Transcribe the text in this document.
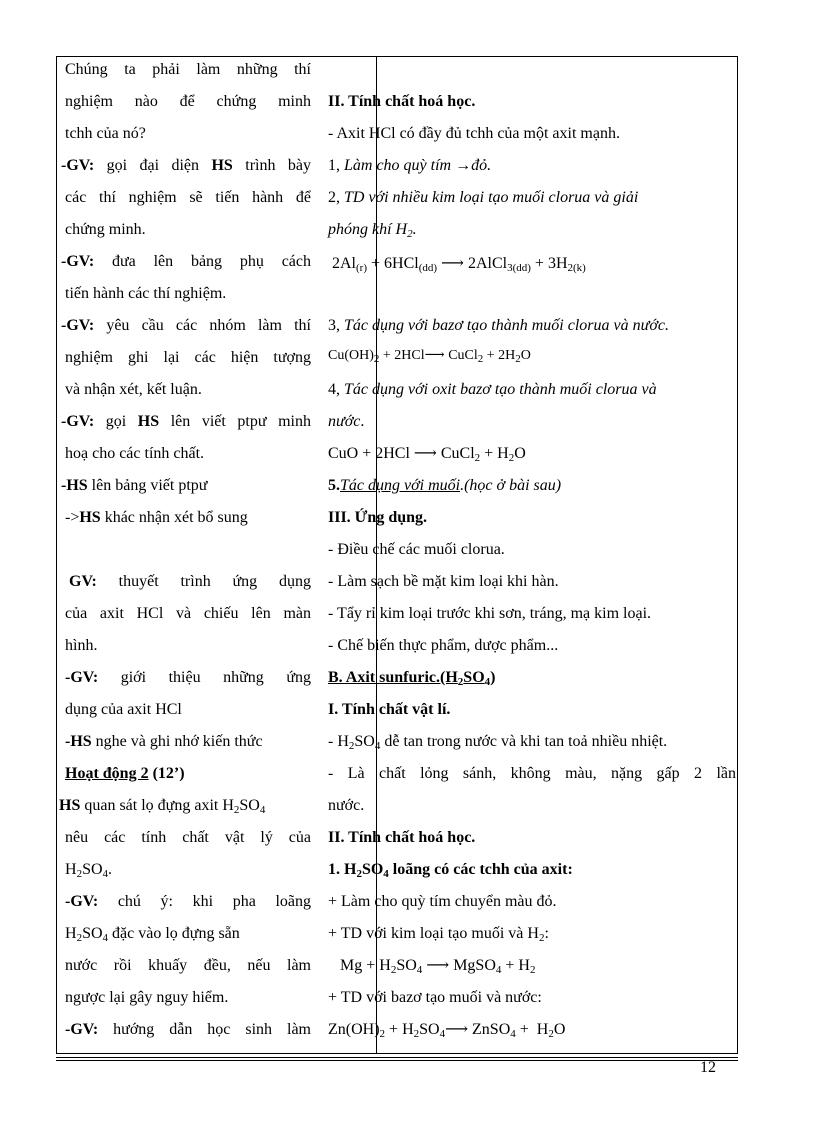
Chúng ta phải làm những thí
nghiệm nào để chứng minh
tchh của nó?
-GV: gọi đại diện HS trình bày
các thí nghiệm sẽ tiến hành để
chứng minh.
-GV: đưa lên bảng phụ cách
tiến hành các thí nghiệm.
-GV: yêu cầu các nhóm làm thí
nghiệm ghi lại các hiện tượng
và nhận xét, kết luận.
-GV: gọi HS lên viết ptpư minh
hoạ cho các tính chất.
-HS lên bảng viết ptpư
->HS khác nhận xét bổ sung
GV: thuyết trình ứng dụng
của axit HCl và chiếu lên màn
hình.
-GV: giới thiệu những ứng
dụng của axit HCl
-HS nghe và ghi nhớ kiến thức
Hoạt động 2 (12’)
HS quan sát lọ đựng axit $H_2SO_4$
nêu các tính chất vật lý của
$H_2SO_4$.
-GV: chú ý: khi pha loãng
$H_2SO_4$ đặc vào lọ đựng sẵn
nước rồi khuấy đều, nếu làm
ngược lại gây nguy hiểm.
-GV: hướng dẫn học sinh làm
II. Tính chất hoá học.
- Axit HCl có đầy đủ tchh của một axit mạnh.
1, Làm cho quỳ tím →đỏ.
2, TD với nhiều kim loại tạo muối clorua và giải
phóng khí $H_2$.
$2Al_{(r)} + 6HCl_{(dd)}$ ⟶ 2AlCl$_{3(dd)}$ + $3H_{2(k)}$
3, Tác dụng với bazơ tạo thành muối clorua và nước.
$Cu(OH)_2$ + 2HCl⟶ CuCl$_2$ + $2H_2O$
4, Tác dụng với oxit bazơ tạo thành muối clorua và
nước.
CuO + 2HCl ⟶ CuCl$_2$ + $H_2O$
5.Tác dụng với muối.(học ở bài sau)
III. Ứng dụng.
- Điều chế các muối clorua.
- Làm sạch bề mặt kim loại khi hàn.
- Tẩy rỉ kim loại trước khi sơn, tráng, mạ kim loại.
- Chế biến thực phẩm, dược phẩm...
B. Axit $sunfuric.(H_2SO_4)$
I. Tính chất vật lí.
- $H_2SO_4$ dễ tan trong nước và khi tan toả nhiều nhiệt.
- Là chất lỏng sánh, không màu, nặng gấp 2 lần
nước.
II. Tính chất hoá học.
1. $H_2SO_4$ loãng có các tchh của axit:
+ Làm cho quỳ tím chuyển màu đỏ.
+ TD với kim loại tạo muối và $H_2$:
$Mg + H_2SO_4$ ⟶ MgSO$_4$ + $H_2$
+ TD với bazơ tạo muối và nước:
$Zn(OH)_2$ + $H_2SO_4⟶$ ZnSO$_4$ +  $H_2O$
12
